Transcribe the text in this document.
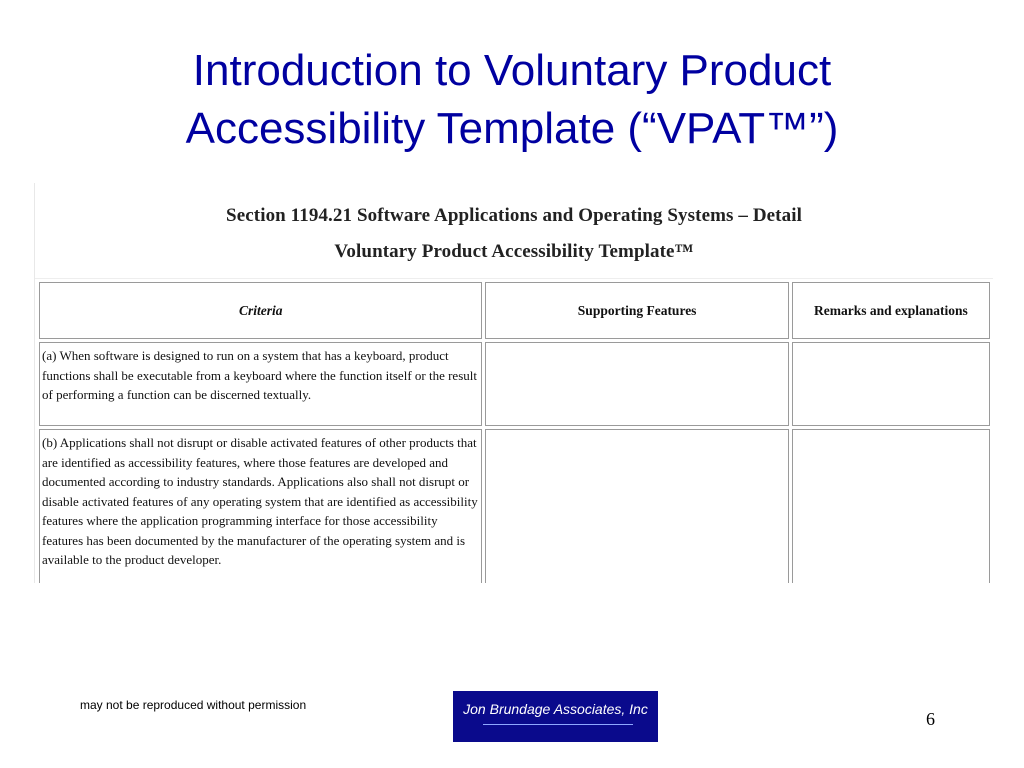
Introduction to Voluntary Product
Accessibility Template (“VPAT™”)
Section 1194.21 Software Applications and Operating Systems – Detail
Voluntary Product Accessibility Template™
Criteria	Supporting Features	Remarks and explanations
(a) When software is designed to run on a system that has a keyboard, product functions shall be executable from a keyboard where the function itself or the result of performing a function can be discerned textually.		
(b) Applications shall not disrupt or disable activated features of other products that are identified as accessibility features, where those features are developed and documented according to industry standards. Applications also shall not disrupt or disable activated features of any operating system that are identified as accessibility features where the application programming interface for those accessibility features has been documented by the manufacturer of the operating system and is available to the product developer.		
may not be reproduced without permission	Jon Brundage Associates, Inc	6
